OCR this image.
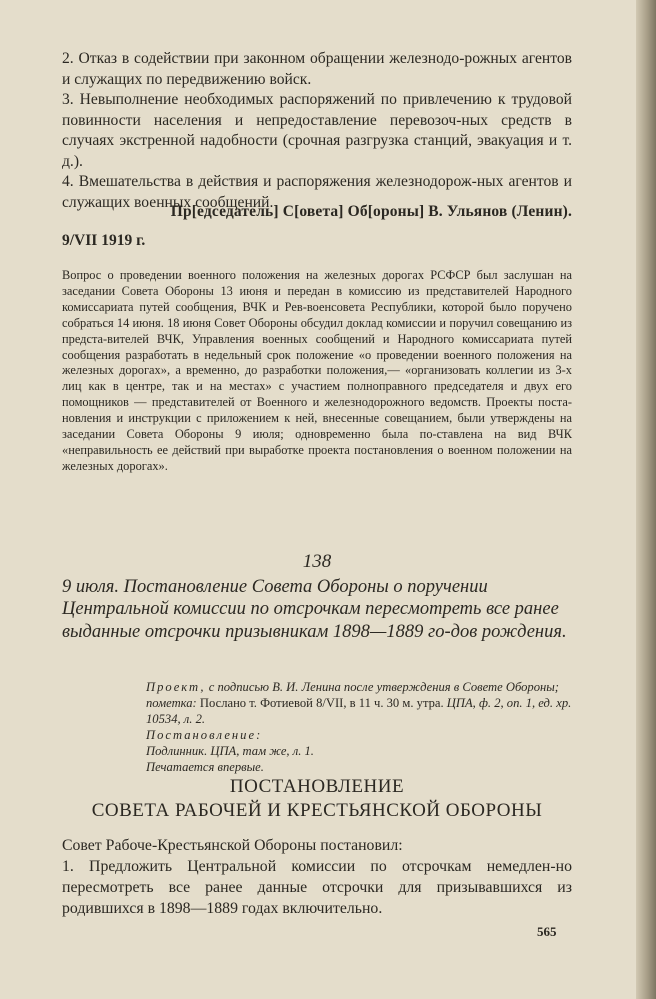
2. Отказ в содействии при законном обращении железнодо-рожных агентов и служащих по передвижению войск.

3. Невыполнение необходимых распоряжений по привлечению к трудовой повинности населения и непредоставление перевозоч-ных средств в случаях экстренной надобности (срочная разгрузка станций, эвакуация и т. д.).

4. Вмешательства в действия и распоряжения железнодорож-ных агентов и служащих военных сообщений.

Пр[едседатель] С[овета] Об[ороны] В. Ульянов (Ленин).
9/VII 1919 г.
Вопрос о проведении военного положения на железных дорогах РСФСР был заслушан на заседании Совета Обороны 13 июня и передан в комиссию из представителей Народного комиссариата путей сообщения, ВЧК и Рев-военсовета Республики, которой было поручено собраться 14 июня. 18 июня Совет Обороны обсудил доклад комиссии и поручил совещанию из предста-вителей ВЧК, Управления военных сообщений и Народного комиссариата путей сообщения разработать в недельный срок положение «о проведении военного положения на железных дорогах», а временно, до разработки положения,— «организовать коллегии из 3-х лиц как в центре, так и на местах» с участием полноправного председателя и двух его помощников — представителей от Военного и железнодорожного ведомств. Проекты поста-новления и инструкции с приложением к ней, внесенные совещанием, были утверждены на заседании Совета Обороны 9 июля; одновременно была по-ставлена на вид ВЧК «неправильность ее действий при выработке проекта постановления о военном положении на железных дорогах».
138
9 июля. Постановление Совета Обороны о поручении Центральной комиссии по отсрочкам пересмотреть все ранее выданные отсрочки призывникам 1898—1889 го-дов рождения.
Проект, с подписью В. И. Ленина после утверждения в Совете Обороны; пометка: Послано т. Фотиевой 8/VII, в 11 ч. 30 м. утра. ЦПА, ф. 2, оп. 1, ед. хр. 10534, л. 2.
Постановление:
Подлинник. ЦПА, там же, л. 1.
Печатается впервые.
ПОСТАНОВЛЕНИЕ
СОВЕТА РАБОЧЕЙ И КРЕСТЬЯНСКОЙ ОБОРОНЫ

Совет Рабоче-Крестьянской Обороны постановил:

1. Предложить Центральной комиссии по отсрочкам немедлен-но пересмотреть все ранее данные отсрочки для призывавшихся из родившихся в 1898—1889 годах включительно.

565
